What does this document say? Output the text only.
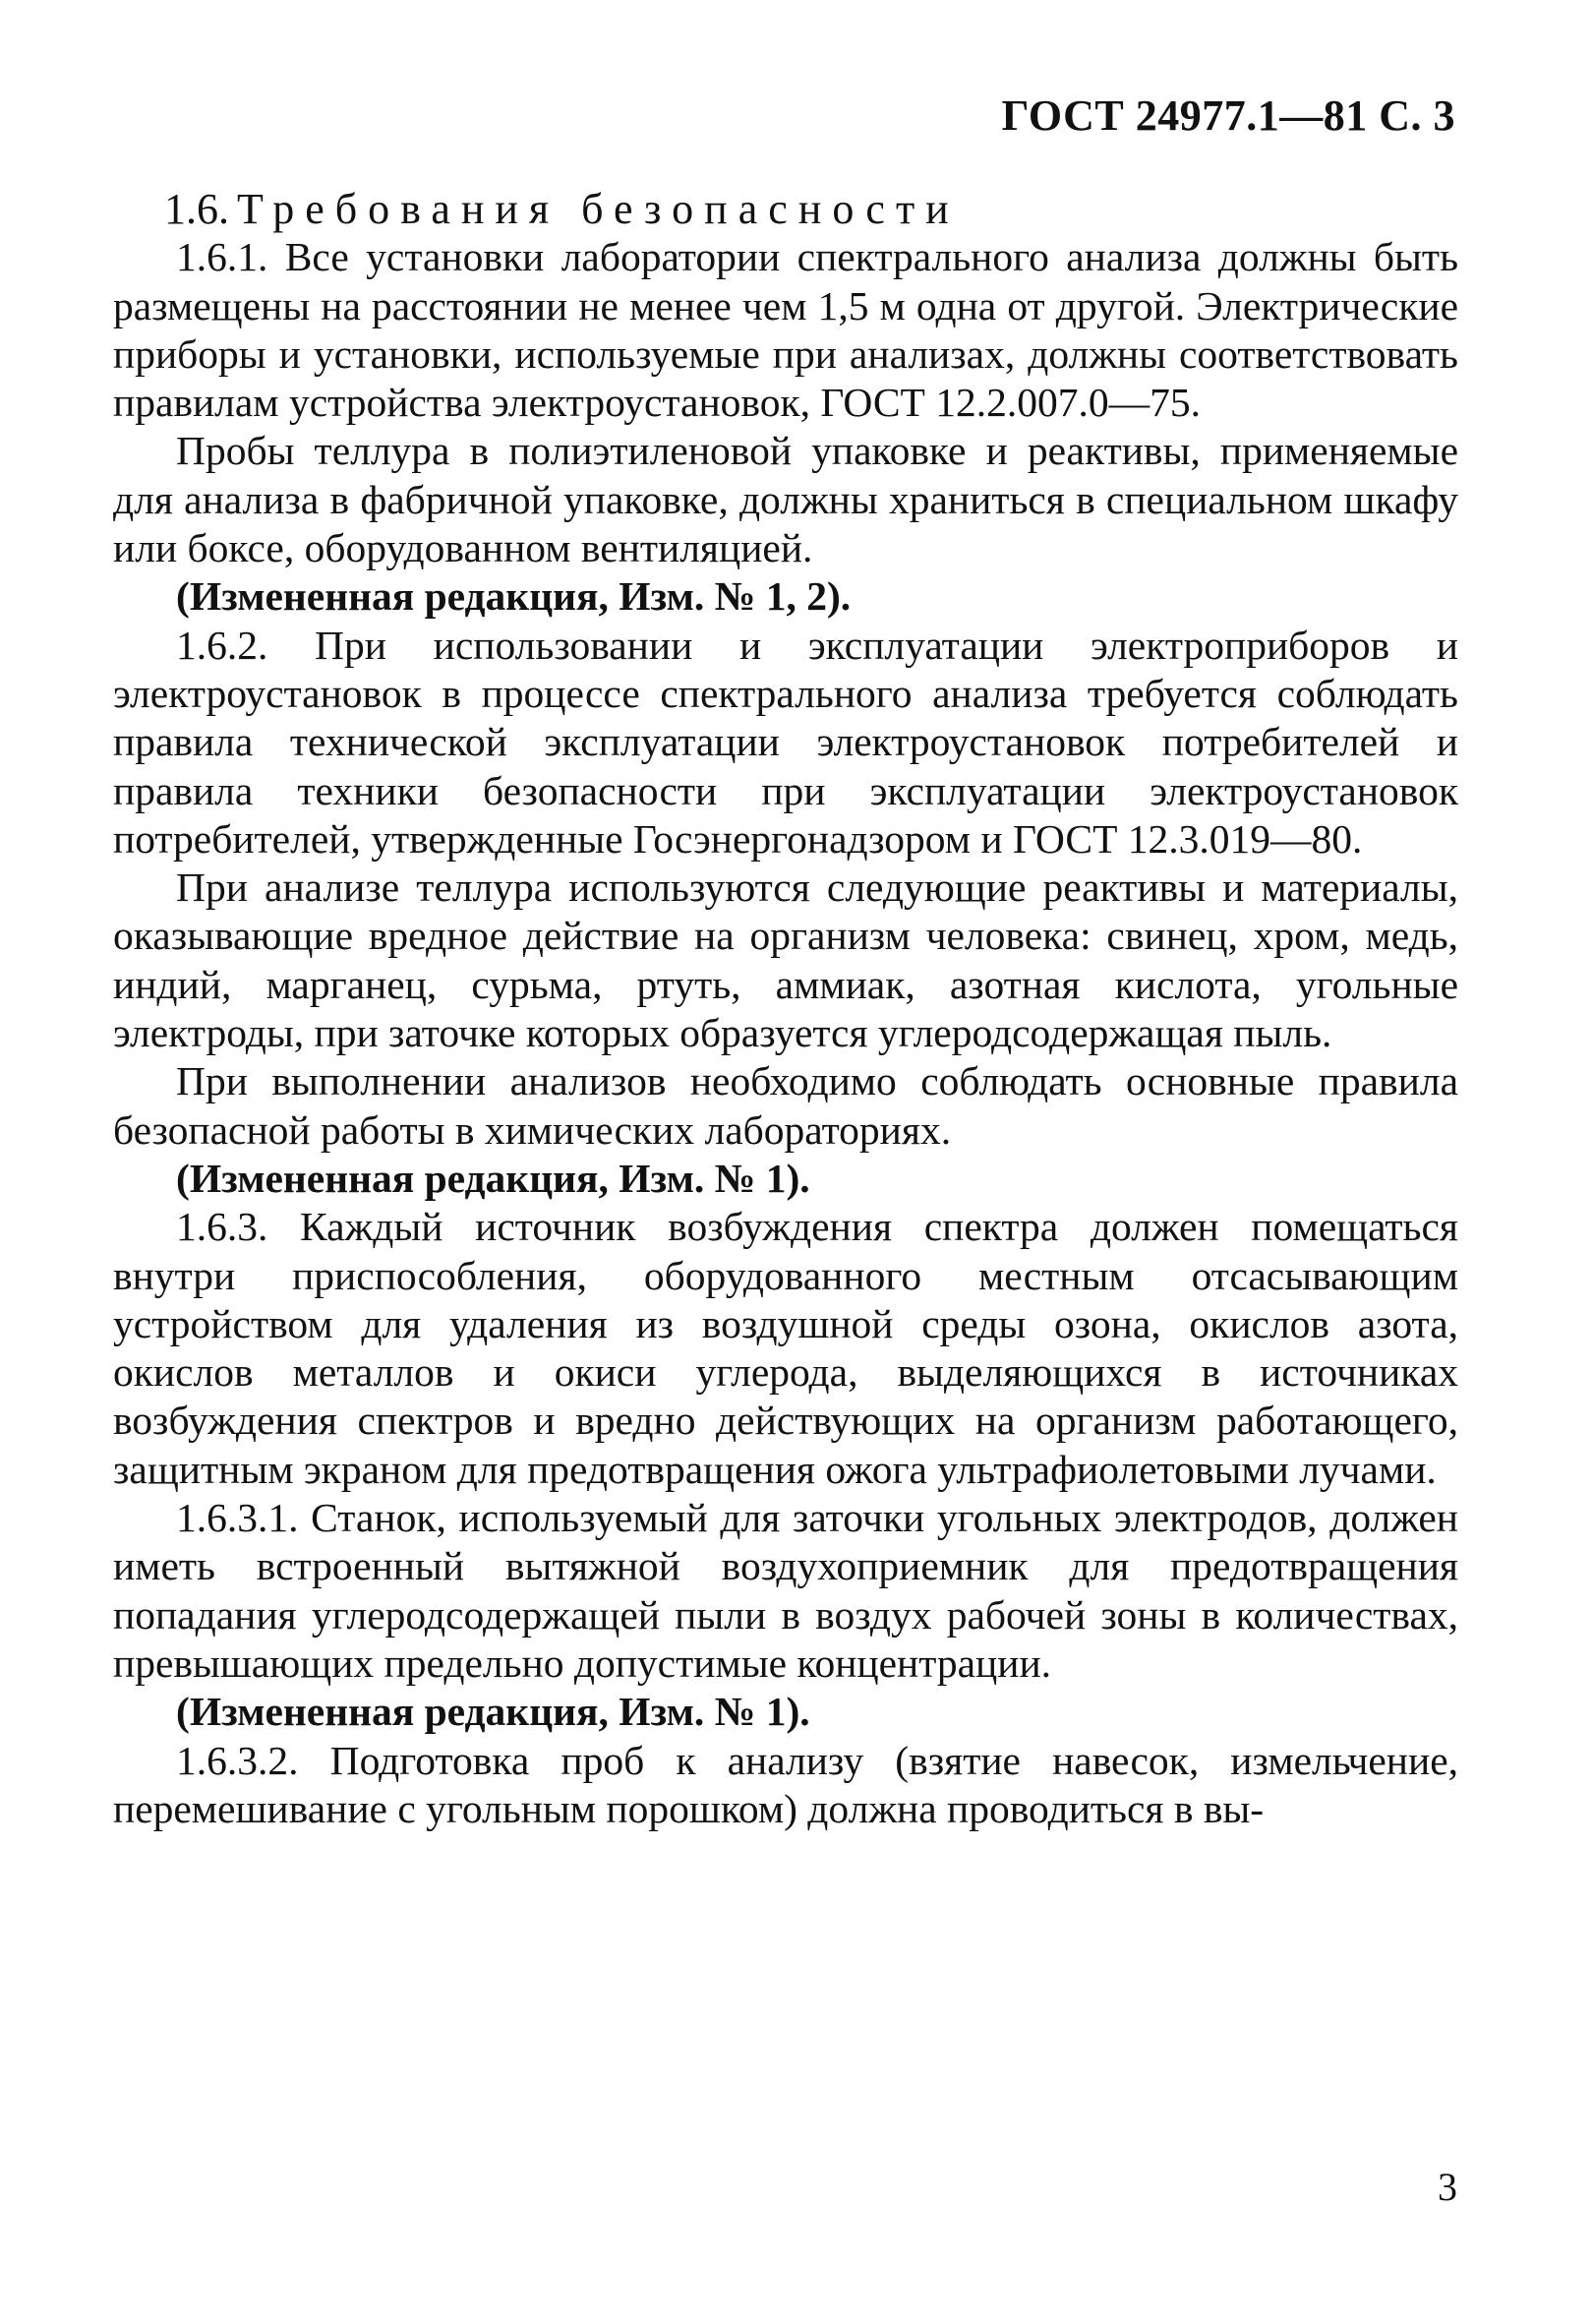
ГОСТ 24977.1—81 С. 3
1.6. Требования безопасности

1.6.1. Все установки лаборатории спектрального анализа должны быть размещены на расстоянии не менее чем 1,5 м одна от другой. Электрические приборы и установки, используемые при анализах, должны соответствовать правилам устройства электроустановок, ГОСТ 12.2.007.0—75.

Пробы теллура в полиэтиленовой упаковке и реактивы, применяемые для анализа в фабричной упаковке, должны храниться в специальном шкафу или боксе, оборудованном вентиляцией.

(Измененная редакция, Изм. № 1, 2).

1.6.2. При использовании и эксплуатации электроприборов и электроустановок в процессе спектрального анализа требуется соблюдать правила технической эксплуатации электроустановок потребителей и правила техники безопасности при эксплуатации электроустановок потребителей, утвержденные Госэнергонадзором и ГОСТ 12.3.019—80.

При анализе теллура используются следующие реактивы и материалы, оказывающие вредное действие на организм человека: свинец, хром, медь, индий, марганец, сурьма, ртуть, аммиак, азотная кислота, угольные электроды, при заточке которых образуется углеродсодержащая пыль.

При выполнении анализов необходимо соблюдать основные правила безопасной работы в химических лабораториях.

(Измененная редакция, Изм. № 1).

1.6.3. Каждый источник возбуждения спектра должен помещаться внутри приспособления, оборудованного местным отсасывающим устройством для удаления из воздушной среды озона, окислов азота, окислов металлов и окиси углерода, выделяющихся в источниках возбуждения спектров и вредно действующих на организм работающего, защитным экраном для предотвращения ожога ультрафиолетовыми лучами.

1.6.3.1. Станок, используемый для заточки угольных электродов, должен иметь встроенный вытяжной воздухоприемник для предотвращения попадания углеродсодержащей пыли в воздух рабочей зоны в количествах, превышающих предельно допустимые концентрации.

(Измененная редакция, Изм. № 1).

1.6.3.2. Подготовка проб к анализу (взятие навесок, измельчение, перемешивание с угольным порошком) должна проводиться в вы-

3
